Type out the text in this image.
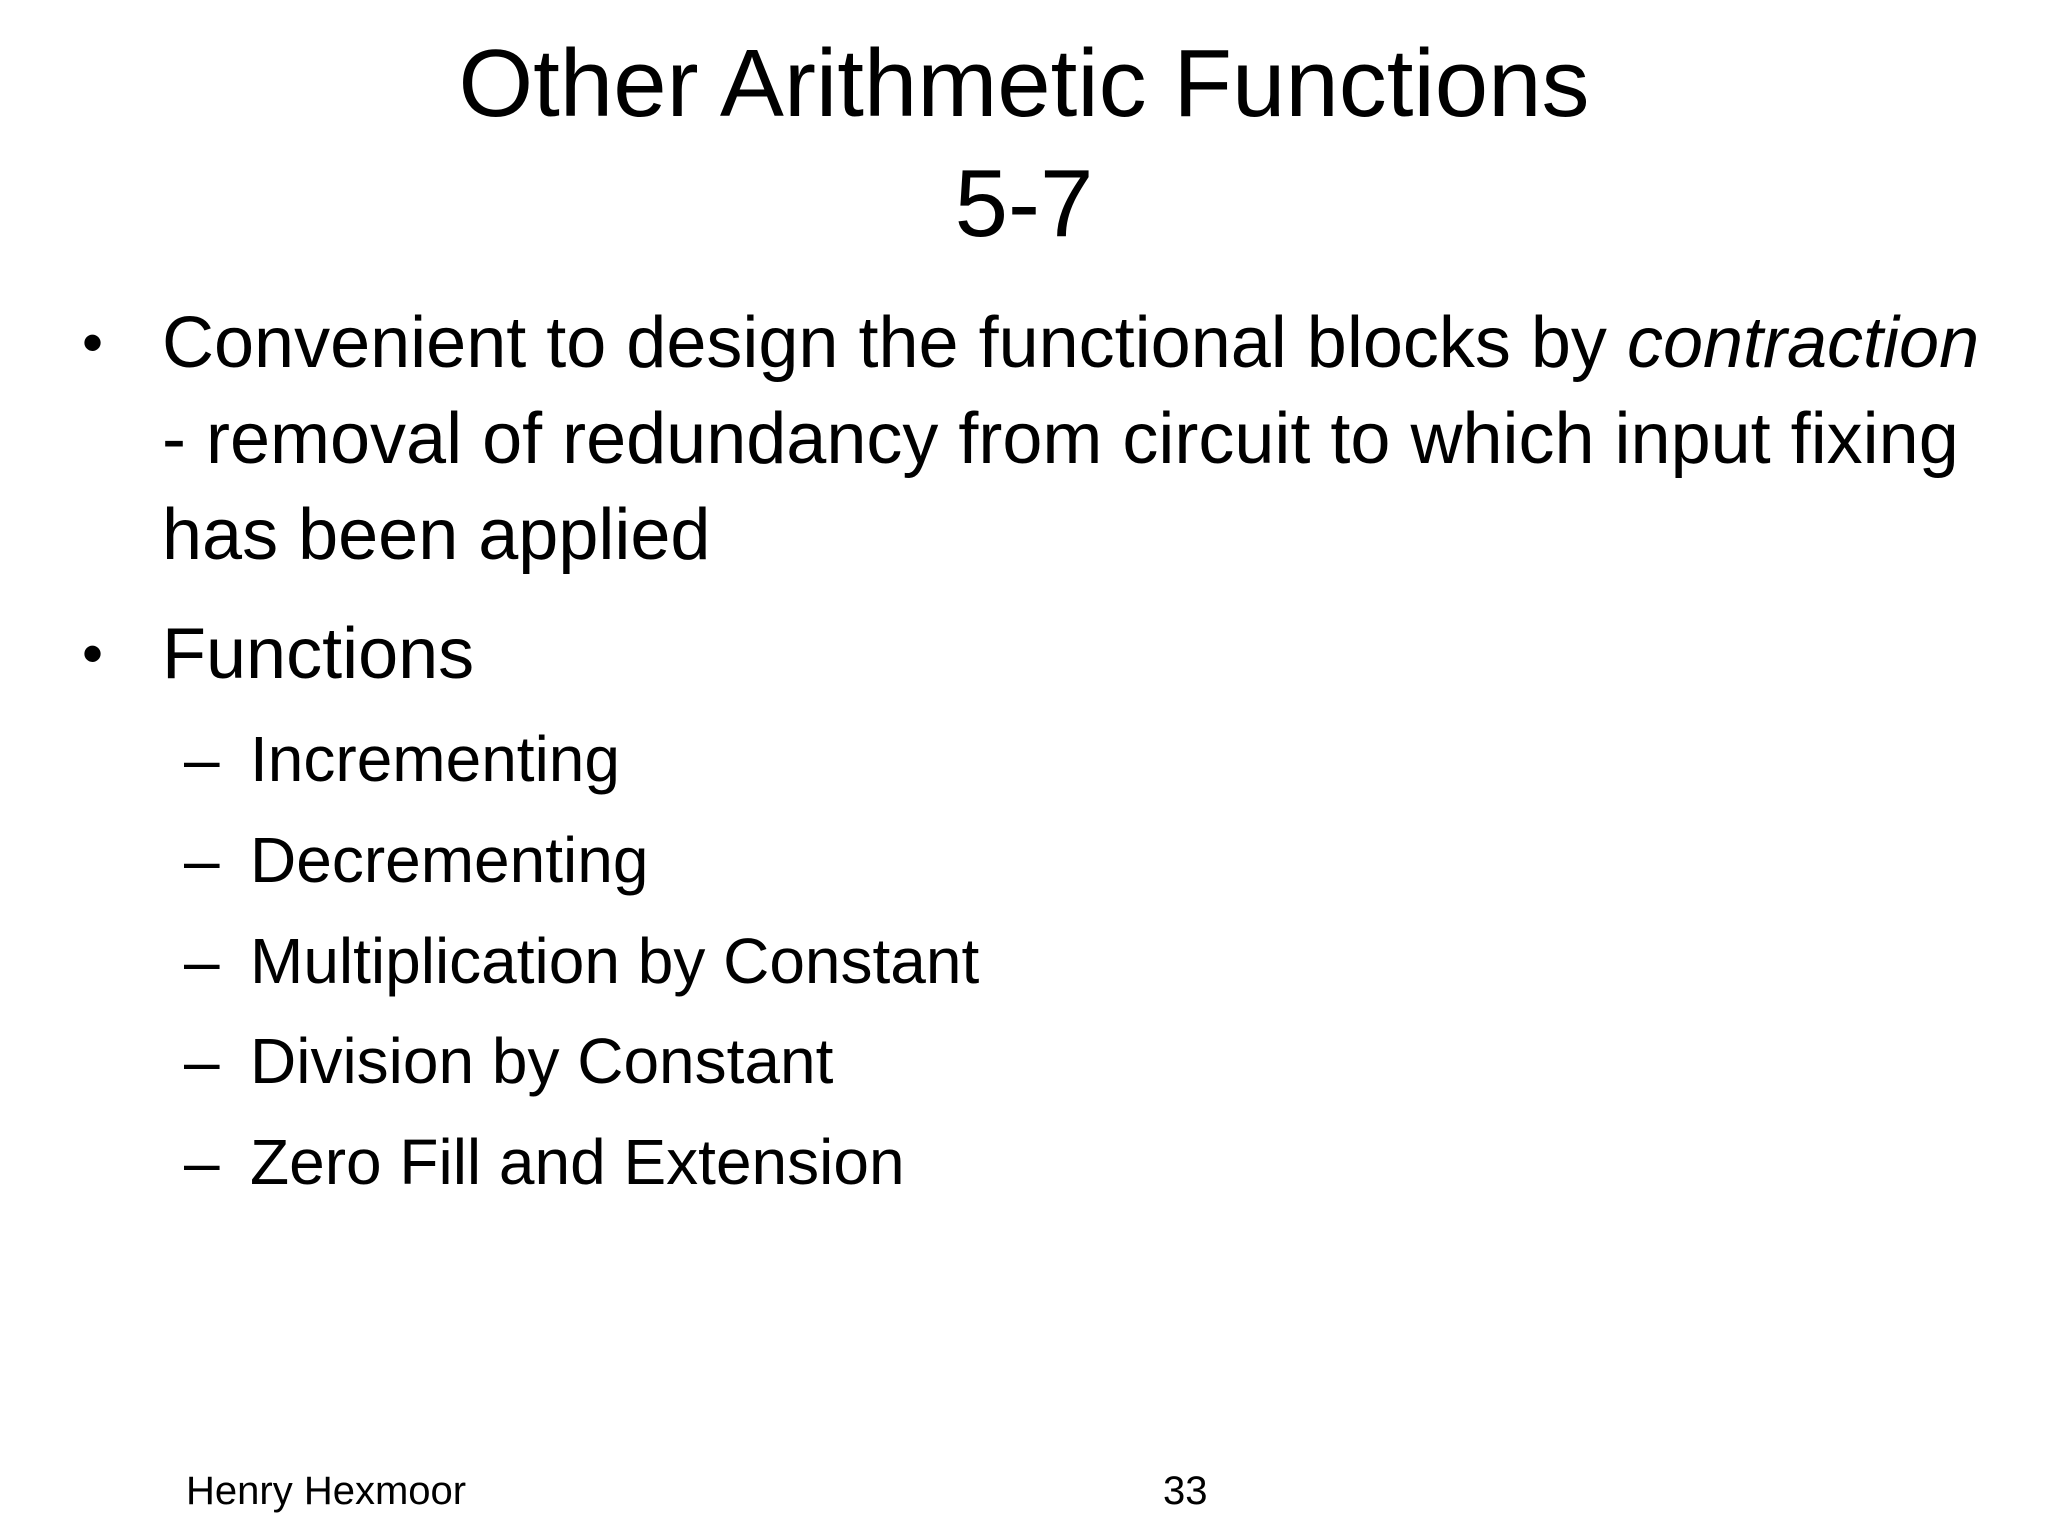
Other Arithmetic Functions
5-7
• Convenient to design the functional blocks by contraction - removal of redundancy from circuit to which input fixing has been applied
• Functions
– Incrementing
– Decrementing
– Multiplication by Constant
– Division by Constant
– Zero Fill and Extension
Henry Hexmoor	33
